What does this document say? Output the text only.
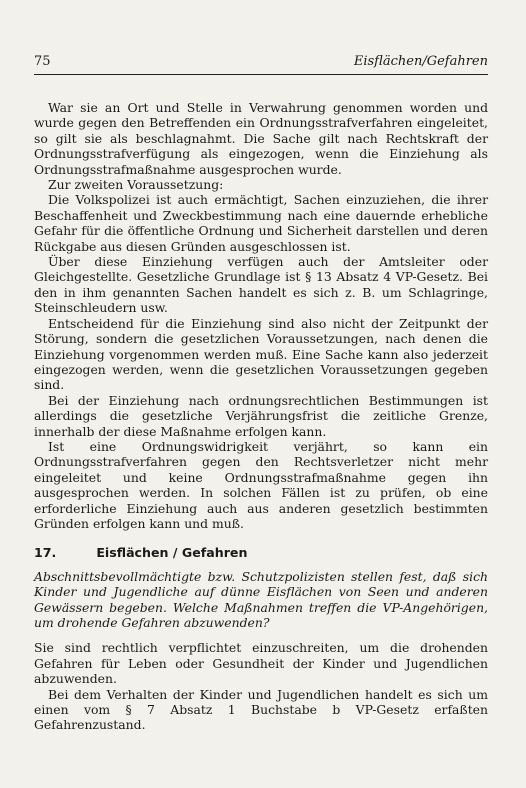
75	Eisflächen/Gefahren

War sie an Ort und Stelle in Verwahrung genommen worden und wurde gegen den Betreffenden ein Ordnungsstrafverfahren eingeleitet, so gilt sie als beschlagnahmt. Die Sache gilt nach Rechtskraft der Ordnungsstrafverfügung als eingezogen, wenn die Einziehung als Ordnungsstrafmaßnahme ausgesprochen wurde.

Zur zweiten Voraussetzung:

Die Volkspolizei ist auch ermächtigt, Sachen einzuziehen, die ihrer Beschaffenheit und Zweckbestimmung nach eine dauernde erhebliche Gefahr für die öffentliche Ordnung und Sicherheit darstellen und deren Rückgabe aus diesen Gründen ausgeschlossen ist.

Über diese Einziehung verfügen auch der Amtsleiter oder Gleichgestellte. Gesetzliche Grundlage ist § 13 Absatz 4 VP-Gesetz. Bei den in ihm genannten Sachen handelt es sich z. B. um Schlagringe, Steinschleudern usw.

Entscheidend für die Einziehung sind also nicht der Zeitpunkt der Störung, sondern die gesetzlichen Voraussetzungen, nach denen die Einziehung vorgenommen werden muß. Eine Sache kann also jederzeit eingezogen werden, wenn die gesetzlichen Voraussetzungen gegeben sind.

Bei der Einziehung nach ordnungsrechtlichen Bestimmungen ist allerdings die gesetzliche Verjährungsfrist die zeitliche Grenze, innerhalb der diese Maßnahme erfolgen kann.

Ist eine Ordnungswidrigkeit verjährt, so kann ein Ordnungsstrafverfahren gegen den Rechtsverletzer nicht mehr eingeleitet und keine Ordnungsstrafmaßnahme gegen ihn ausgesprochen werden. In solchen Fällen ist zu prüfen, ob eine erforderliche Einziehung auch aus anderen gesetzlich bestimmten Gründen erfolgen kann und muß.

17.	Eisflächen / Gefahren

Abschnittsbevollmächtigte bzw. Schutzpolizisten stellen fest, daß sich Kinder und Jugendliche auf dünne Eisflächen von Seen und anderen Gewässern begeben. Welche Maßnahmen treffen die VP-Angehörigen, um drohende Gefahren abzuwenden?

Sie sind rechtlich verpflichtet einzuschreiten, um die drohenden Gefahren für Leben oder Gesundheit der Kinder und Jugendlichen abzuwenden.

Bei dem Verhalten der Kinder und Jugendlichen handelt es sich um einen vom § 7 Absatz 1 Buchstabe b VP-Gesetz erfaßten Gefahrenzustand.
